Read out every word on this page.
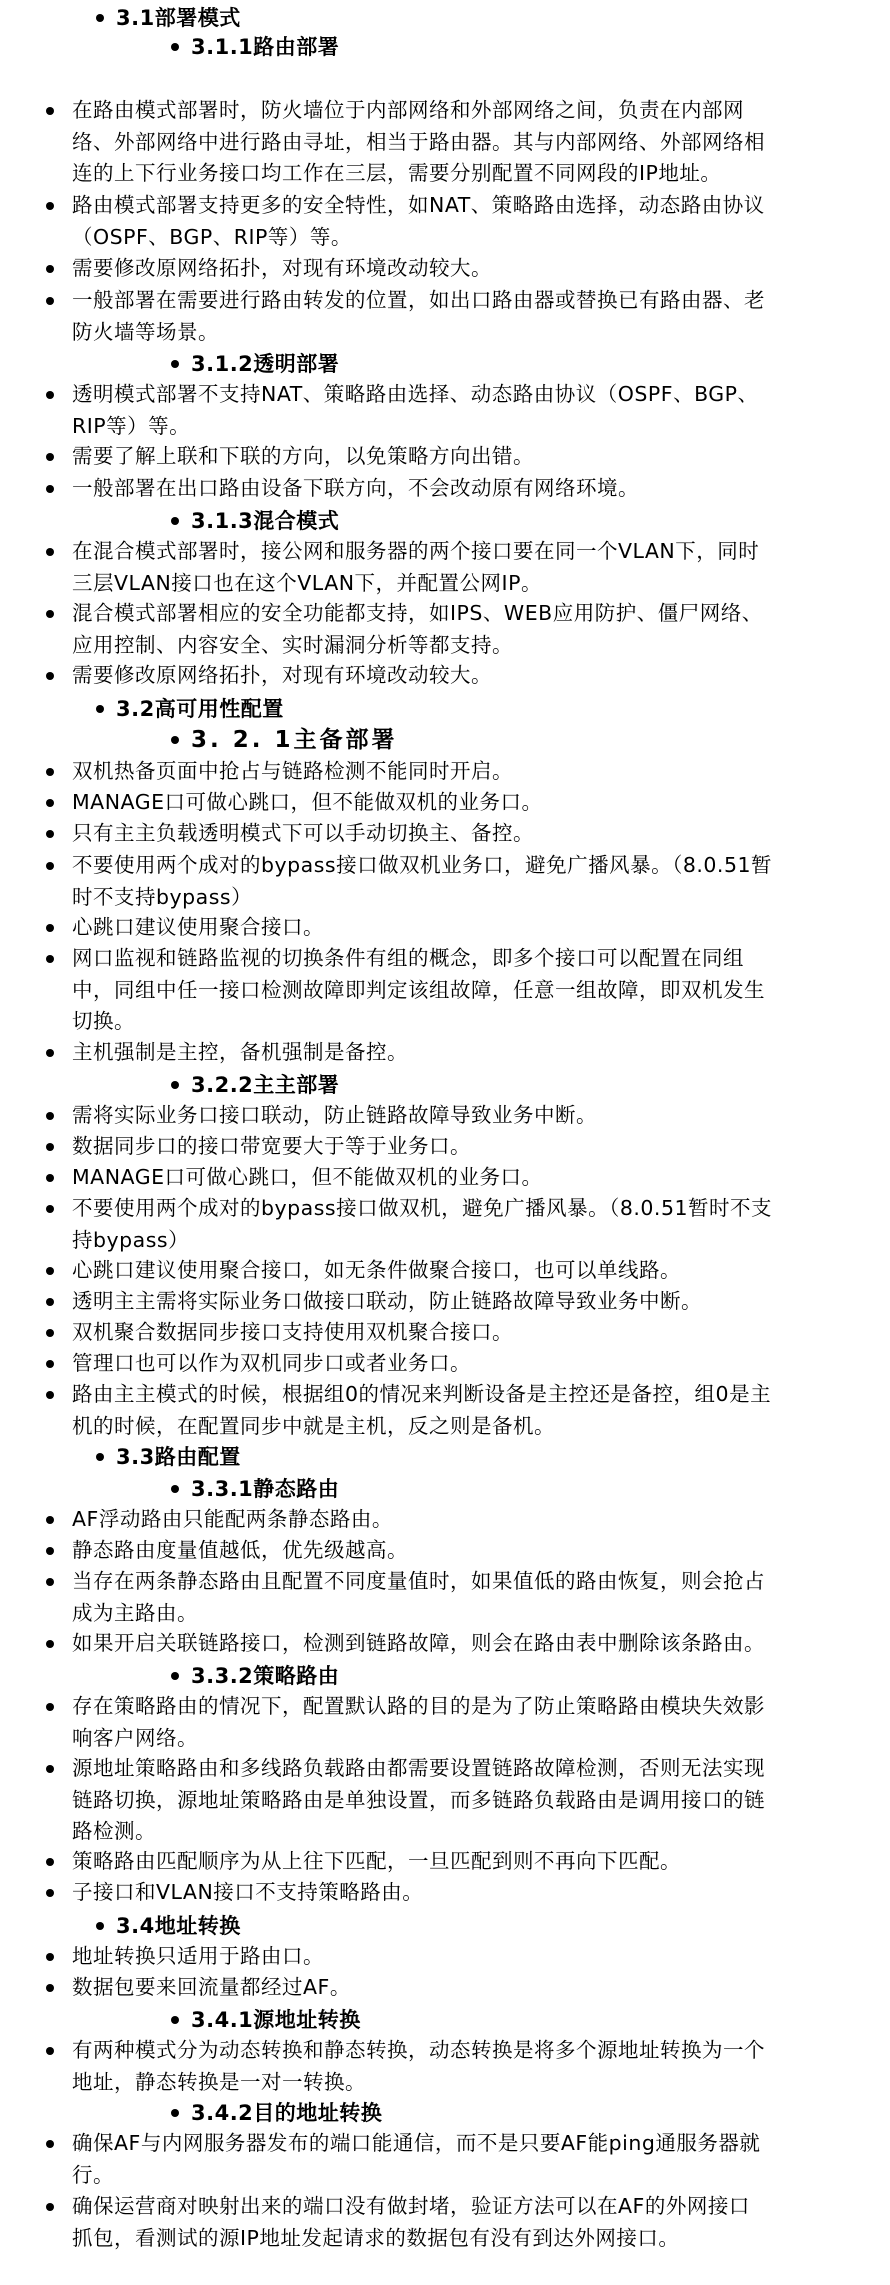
3.1部署模式
3.1.1路由部署
在路由模式部署时，防火墙位于内部网络和外部网络之间，负责在内部网
络、外部网络中进行路由寻址，相当于路由器。其与内部网络、外部网络相
连的上下行业务接口均工作在三层，需要分别配置不同网段的IP地址。
路由模式部署支持更多的安全特性，如NAT、策略路由选择，动态路由协议
（OSPF、BGP、RIP等）等。
需要修改原网络拓扑，对现有环境改动较大。
一般部署在需要进行路由转发的位置，如出口路由器或替换已有路由器、老
防火墙等场景。
3.1.2透明部署
透明模式部署不支持NAT、策略路由选择、动态路由协议（OSPF、BGP、
RIP等）等。
需要了解上联和下联的方向，以免策略方向出错。
一般部署在出口路由设备下联方向，不会改动原有网络环境。
3.1.3混合模式
在混合模式部署时，接公网和服务器的两个接口要在同一个VLAN下，同时
三层VLAN接口也在这个VLAN下，并配置公网IP。
混合模式部署相应的安全功能都支持，如IPS、WEB应用防护、僵尸网络、
应用控制、内容安全、实时漏洞分析等都支持。
需要修改原网络拓扑，对现有环境改动较大。
3.2高可用性配置
3. 2. 1主备部署
双机热备页面中抢占与链路检测不能同时开启。
MANAGE口可做心跳口，但不能做双机的业务口。
只有主主负载透明模式下可以手动切换主、备控。
不要使用两个成对的bypass接口做双机业务口，避免广播风暴。（8.0.51暂
时不支持bypass）
心跳口建议使用聚合接口。
网口监视和链路监视的切换条件有组的概念，即多个接口可以配置在同组
中，同组中任一接口检测故障即判定该组故障，任意一组故障，即双机发生
切换。
主机强制是主控，备机强制是备控。
3.2.2主主部署
需将实际业务口接口联动，防止链路故障导致业务中断。
数据同步口的接口带宽要大于等于业务口。
MANAGE口可做心跳口，但不能做双机的业务口。
不要使用两个成对的bypass接口做双机，避免广播风暴。（8.0.51暂时不支
持bypass）
心跳口建议使用聚合接口，如无条件做聚合接口，也可以单线路。
透明主主需将实际业务口做接口联动，防止链路故障导致业务中断。
双机聚合数据同步接口支持使用双机聚合接口。
管理口也可以作为双机同步口或者业务口。
路由主主模式的时候，根据组0的情况来判断设备是主控还是备控，组0是主
机的时候，在配置同步中就是主机，反之则是备机。
3.3路由配置
3.3.1静态路由
AF浮动路由只能配两条静态路由。
静态路由度量值越低，优先级越高。
当存在两条静态路由且配置不同度量值时，如果值低的路由恢复，则会抢占
成为主路由。
如果开启关联链路接口，检测到链路故障，则会在路由表中删除该条路由。
3.3.2策略路由
存在策略路由的情况下，配置默认路的目的是为了防止策略路由模块失效影
响客户网络。
源地址策略路由和多线路负载路由都需要设置链路故障检测，否则无法实现
链路切换，源地址策略路由是单独设置，而多链路负载路由是调用接口的链
路检测。
策略路由匹配顺序为从上往下匹配，一旦匹配到则不再向下匹配。
子接口和VLAN接口不支持策略路由。
3.4地址转换
地址转换只适用于路由口。
数据包要来回流量都经过AF。
3.4.1源地址转换
有两种模式分为动态转换和静态转换，动态转换是将多个源地址转换为一个
地址，静态转换是一对一转换。
3.4.2目的地址转换
确保AF与内网服务器发布的端口能通信，而不是只要AF能ping通服务器就
行。
确保运营商对映射出来的端口没有做封堵，验证方法可以在AF的外网接口
抓包，看测试的源IP地址发起请求的数据包有没有到达外网接口。
